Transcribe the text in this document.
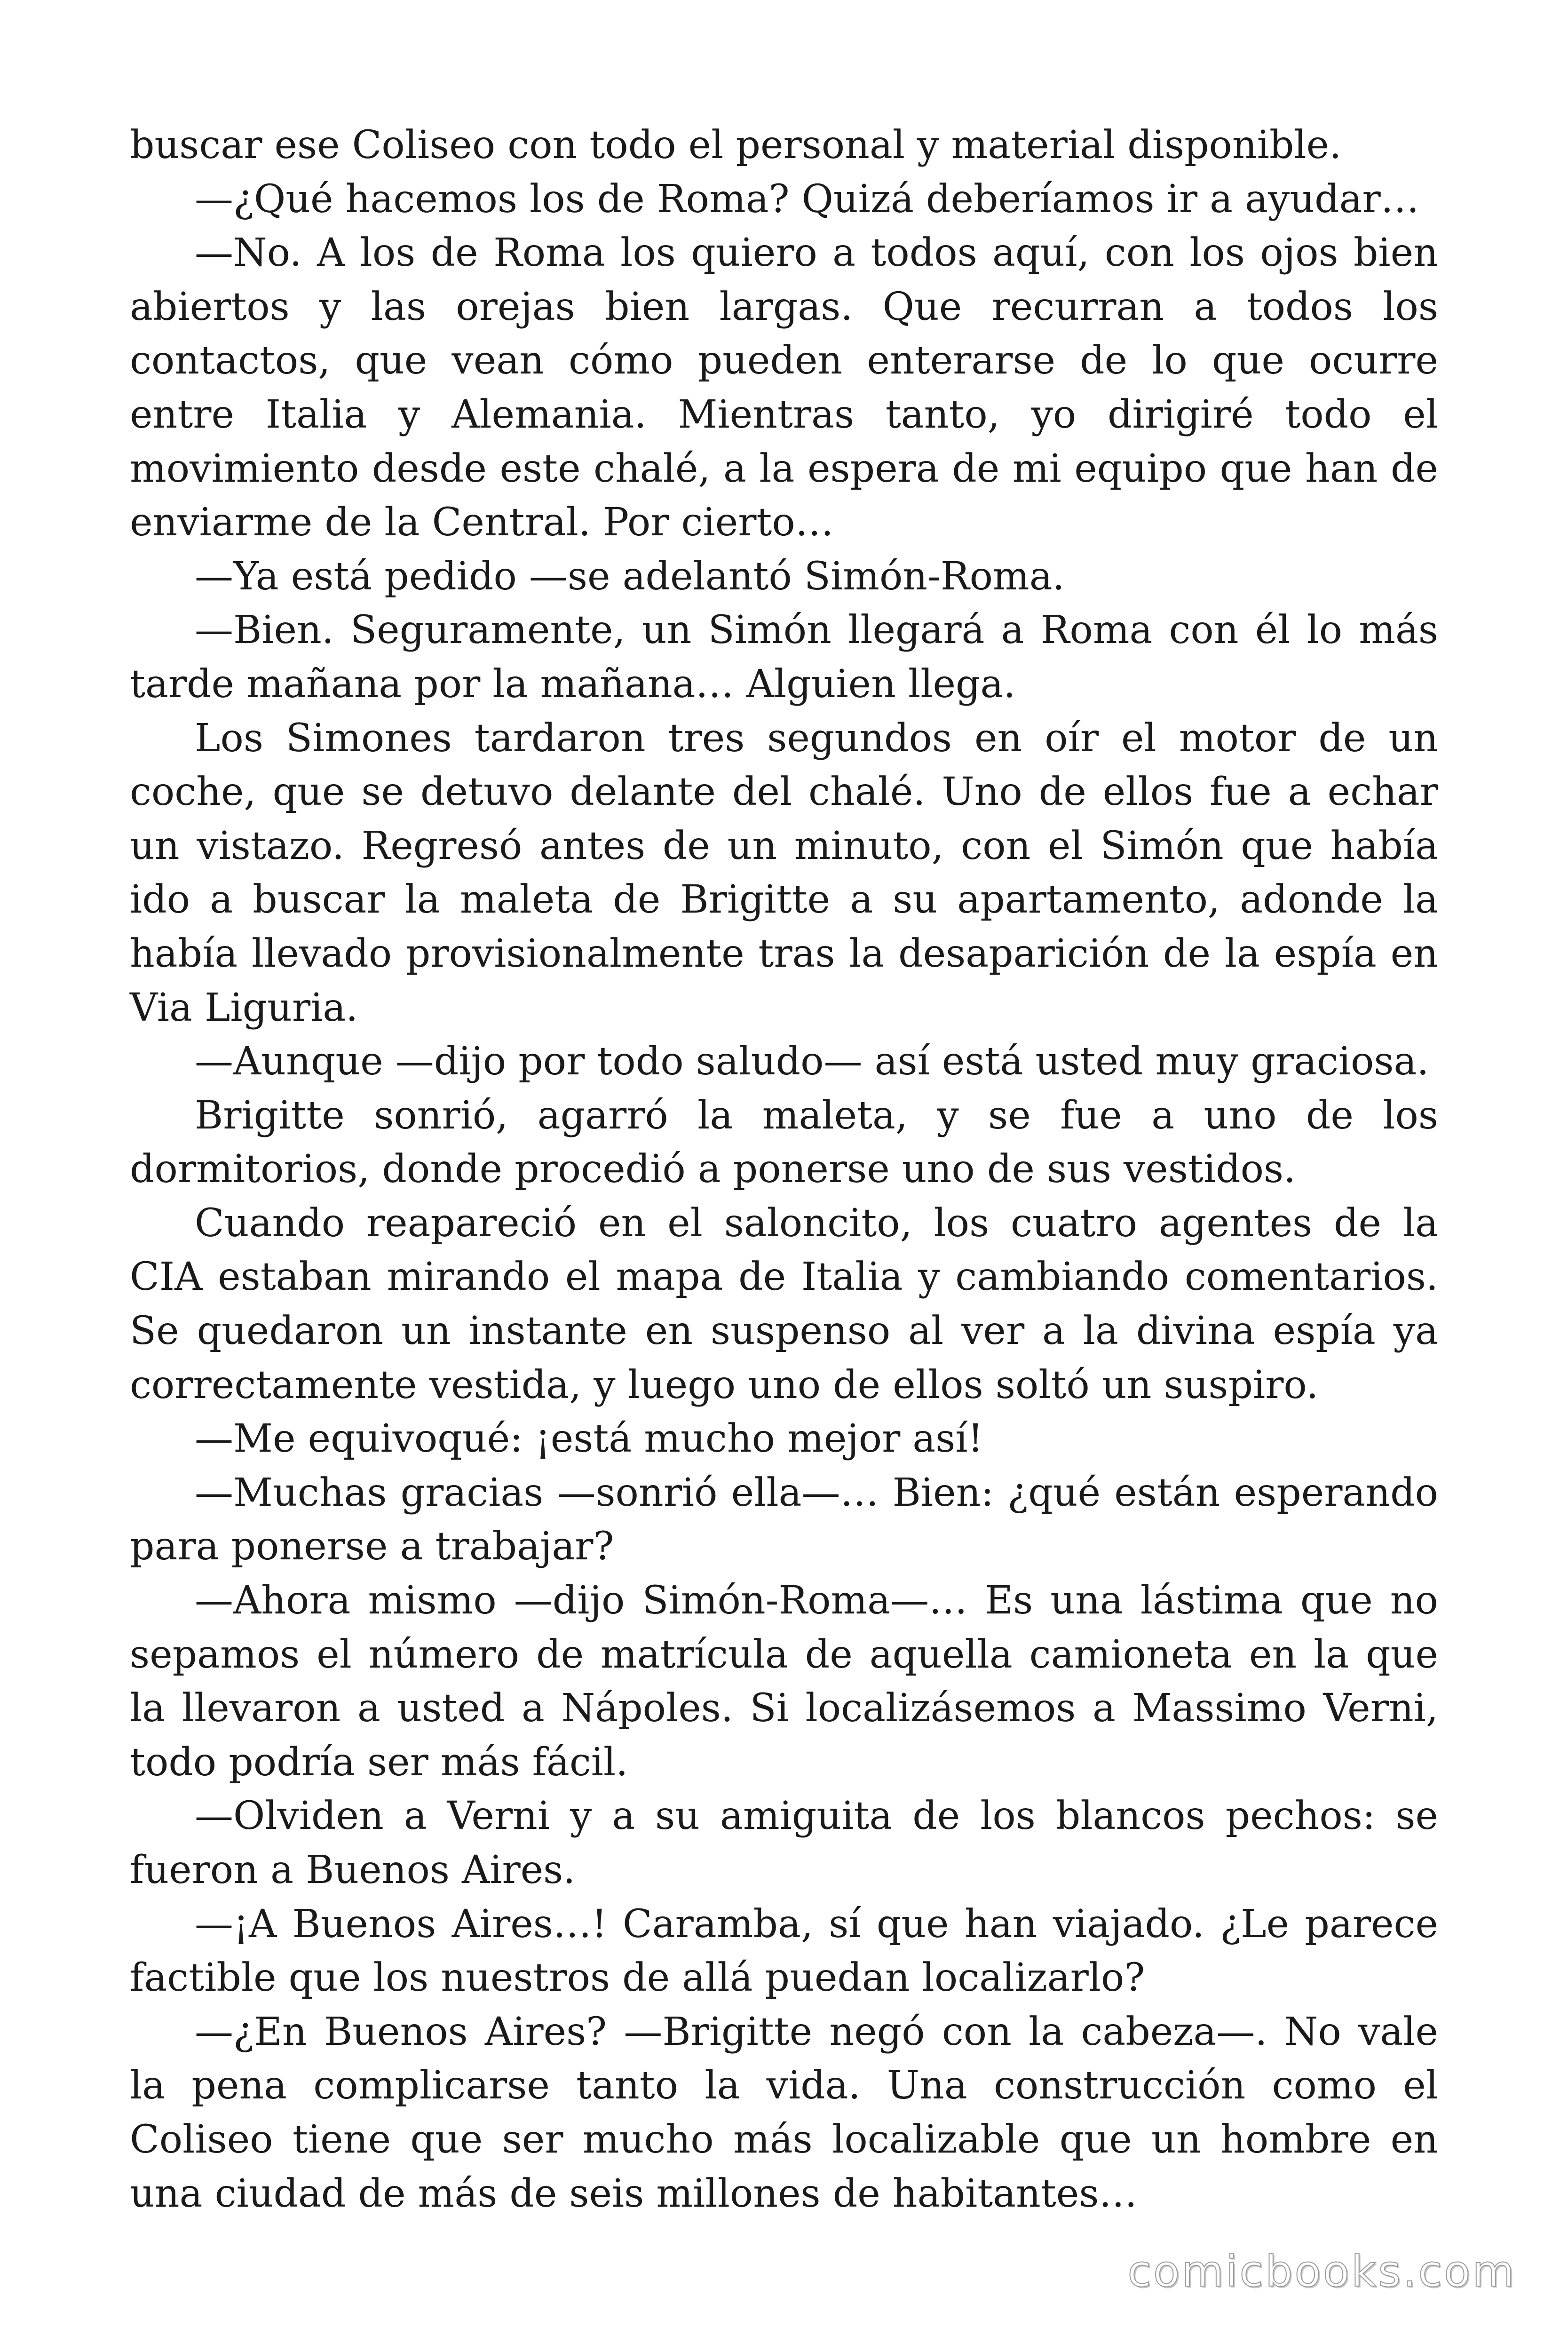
buscar ese Coliseo con todo el personal y material disponible.

—¿Qué hacemos los de Roma? Quizá deberíamos ir a ayudar…

—No. A los de Roma los quiero a todos aquí, con los ojos bien abiertos y las orejas bien largas. Que recurran a todos los contactos, que vean cómo pueden enterarse de lo que ocurre entre Italia y Alemania. Mientras tanto, yo dirigiré todo el movimiento desde este chalé, a la espera de mi equipo que han de enviarme de la Central. Por cierto…

—Ya está pedido —se adelantó Simón-Roma.

—Bien. Seguramente, un Simón llegará a Roma con él lo más tarde mañana por la mañana… Alguien llega.

Los Simones tardaron tres segundos en oír el motor de un coche, que se detuvo delante del chalé. Uno de ellos fue a echar un vistazo. Regresó antes de un minuto, con el Simón que había ido a buscar la maleta de Brigitte a su apartamento, adonde la había llevado provisionalmente tras la desaparición de la espía en Via Liguria.

—Aunque —dijo por todo saludo— así está usted muy graciosa.

Brigitte sonrió, agarró la maleta, y se fue a uno de los dormitorios, donde procedió a ponerse uno de sus vestidos.

Cuando reapareció en el saloncito, los cuatro agentes de la CIA estaban mirando el mapa de Italia y cambiando comentarios. Se quedaron un instante en suspenso al ver a la divina espía ya correctamente vestida, y luego uno de ellos soltó un suspiro.

—Me equivoqué: ¡está mucho mejor así!

—Muchas gracias —sonrió ella—… Bien: ¿qué están esperando para ponerse a trabajar?

—Ahora mismo —dijo Simón-Roma—… Es una lástima que no sepamos el número de matrícula de aquella camioneta en la que la llevaron a usted a Nápoles. Si localizásemos a Massimo Verni, todo podría ser más fácil.

—Olviden a Verni y a su amiguita de los blancos pechos: se fueron a Buenos Aires.

—¡A Buenos Aires…! Caramba, sí que han viajado. ¿Le parece factible que los nuestros de allá puedan localizarlo?

—¿En Buenos Aires? —Brigitte negó con la cabeza—. No vale la pena complicarse tanto la vida. Una construcción como el Coliseo tiene que ser mucho más localizable que un hombre en una ciudad de más de seis millones de habitantes…

comicbooks.com
